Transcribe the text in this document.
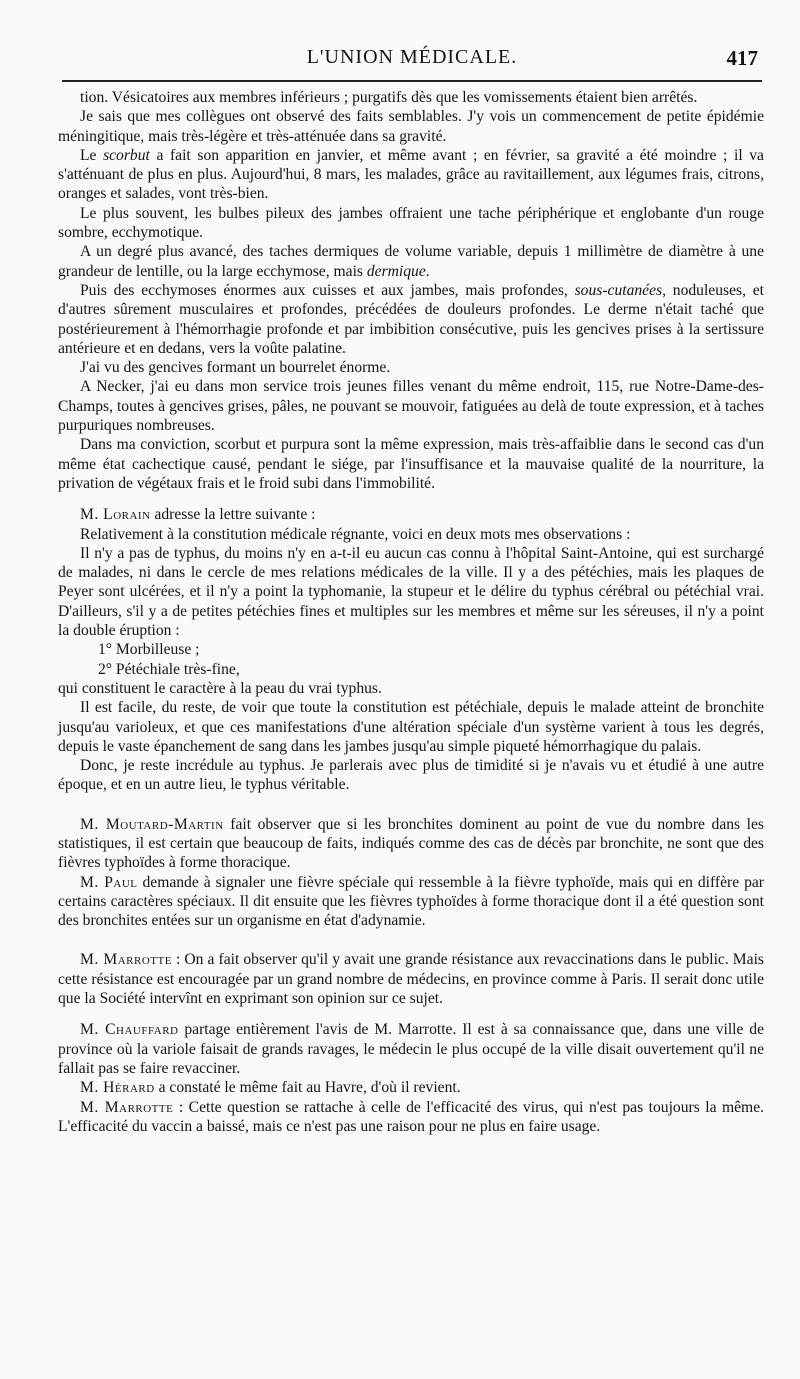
L'UNION MÉDICALE.	417

tion. Vésicatoires aux membres inférieurs ; purgatifs dès que les vomissements étaient bien arrêtés.

Je sais que mes collègues ont observé des faits semblables. J'y vois un commencement de petite épidémie méningitique, mais très-légère et très-atténuée dans sa gravité.

Le scorbut a fait son apparition en janvier, et même avant ; en février, sa gravité a été moindre ; il va s'atténuant de plus en plus. Aujourd'hui, 8 mars, les malades, grâce au ravitaillement, aux légumes frais, citrons, oranges et salades, vont très-bien.

Le plus souvent, les bulbes pileux des jambes offraient une tache périphérique et englobante d'un rouge sombre, ecchymotique.

A un degré plus avancé, des taches dermiques de volume variable, depuis 1 millimètre de diamètre à une grandeur de lentille, ou la large ecchymose, mais dermique.

Puis des ecchymoses énormes aux cuisses et aux jambes, mais profondes, sous-cutanées, noduleuses, et d'autres sûrement musculaires et profondes, précédées de douleurs profondes. Le derme n'était taché que postérieurement à l'hémorrhagie profonde et par imbibition consécutive, puis les gencives prises à la sertissure antérieure et en dedans, vers la voûte palatine.

J'ai vu des gencives formant un bourrelet énorme.

A Necker, j'ai eu dans mon service trois jeunes filles venant du même endroit, 115, rue Notre-Dame-des-Champs, toutes à gencives grises, pâles, ne pouvant se mouvoir, fatiguées au delà de toute expression, et à taches purpuriques nombreuses.

Dans ma conviction, scorbut et purpura sont la même expression, mais très-affaiblie dans le second cas d'un même état cachectique causé, pendant le siége, par l'insuffisance et la mauvaise qualité de la nourriture, la privation de végétaux frais et le froid subi dans l'immobilité.

M. Lorain adresse la lettre suivante :

Relativement à la constitution médicale régnante, voici en deux mots mes observations :

Il n'y a pas de typhus, du moins n'y en a-t-il eu aucun cas connu à l'hôpital Saint-Antoine, qui est surchargé de malades, ni dans le cercle de mes relations médicales de la ville. Il y a des pétéchies, mais les plaques de Peyer sont ulcérées, et il n'y a point la typhomanie, la stupeur et le délire du typhus cérébral ou pétéchial vrai. D'ailleurs, s'il y a de petites pétéchies fines et multiples sur les membres et même sur les séreuses, il n'y a point la double éruption :

1° Morbilleuse ;

2° Pétéchiale très-fine,

qui constituent le caractère à la peau du vrai typhus.

Il est facile, du reste, de voir que toute la constitution est pétéchiale, depuis le malade atteint de bronchite jusqu'au varioleux, et que ces manifestations d'une altération spéciale d'un système varient à tous les degrés, depuis le vaste épanchement de sang dans les jambes jusqu'au simple piqueté hémorrhagique du palais.

Donc, je reste incrédule au typhus. Je parlerais avec plus de timidité si je n'avais vu et étudié à une autre époque, et en un autre lieu, le typhus véritable.

M. Moutard-Martin fait observer que si les bronchites dominent au point de vue du nombre dans les statistiques, il est certain que beaucoup de faits, indiqués comme des cas de décès par bronchite, ne sont que des fièvres typhoïdes à forme thoracique.

M. Paul demande à signaler une fièvre spéciale qui ressemble à la fièvre typhoïde, mais qui en diffère par certains caractères spéciaux. Il dit ensuite que les fièvres typhoïdes à forme thoracique dont il a été question sont des bronchites entées sur un organisme en état d'adynamie.

M. Marrotte : On a fait observer qu'il y avait une grande résistance aux revaccinations dans le public. Mais cette résistance est encouragée par un grand nombre de médecins, en province comme à Paris. Il serait donc utile que la Société intervînt en exprimant son opinion sur ce sujet.

M. Chauffard partage entièrement l'avis de M. Marrotte. Il est à sa connaissance que, dans une ville de province où la variole faisait de grands ravages, le médecin le plus occupé de la ville disait ouvertement qu'il ne fallait pas se faire revacciner.

M. Hérard a constaté le même fait au Havre, d'où il revient.

M. Marrotte : Cette question se rattache à celle de l'efficacité des virus, qui n'est pas toujours la même. L'efficacité du vaccin a baissé, mais ce n'est pas une raison pour ne plus en faire usage.
